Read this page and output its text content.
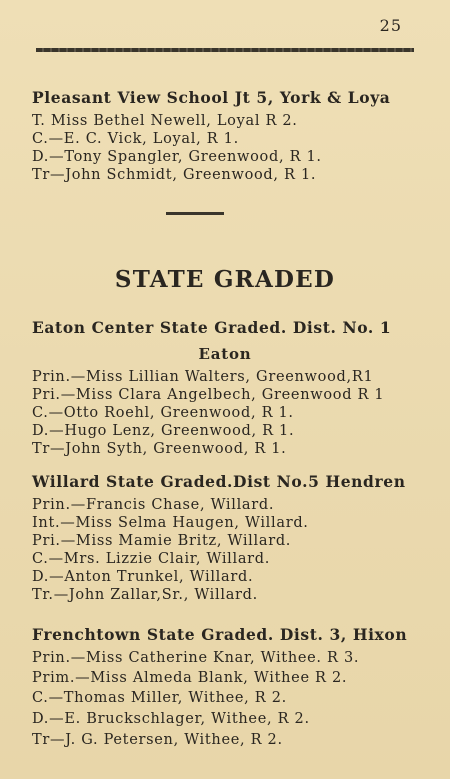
25
Pleasant View School Jt 5, York & Loya
T. Miss Bethel Newell, Loyal R 2.
C.—E. C. Vick, Loyal, R 1.
D.—Tony Spangler, Greenwood, R 1.
Tr—John Schmidt, Greenwood, R 1.
STATE GRADED
Eaton Center State Graded. Dist. No. 1
Eaton
Prin.—Miss Lillian Walters, Greenwood,R1
Pri.—Miss Clara Angelbech, Greenwood R 1
C.—Otto Roehl, Greenwood, R 1.
D.—Hugo Lenz, Greenwood, R 1.
Tr—John Syth, Greenwood, R 1.
Willard State Graded.Dist No.5 Hendren
Prin.—Francis Chase, Willard.
Int.—Miss Selma Haugen, Willard.
Pri.—Miss Mamie Britz, Willard.
C.—Mrs. Lizzie Clair, Willard.
D.—Anton Trunkel, Willard.
Tr.—John Zallar,Sr., Willard.
Frenchtown State Graded. Dist. 3, Hixon
Prin.—Miss Catherine Knar, Withee. R 3.
Prim.—Miss Almeda Blank, Withee R 2.
C.—Thomas Miller, Withee, R 2.
D.—E. Bruckschlager, Withee, R 2.
Tr—J. G. Petersen, Withee, R 2.
